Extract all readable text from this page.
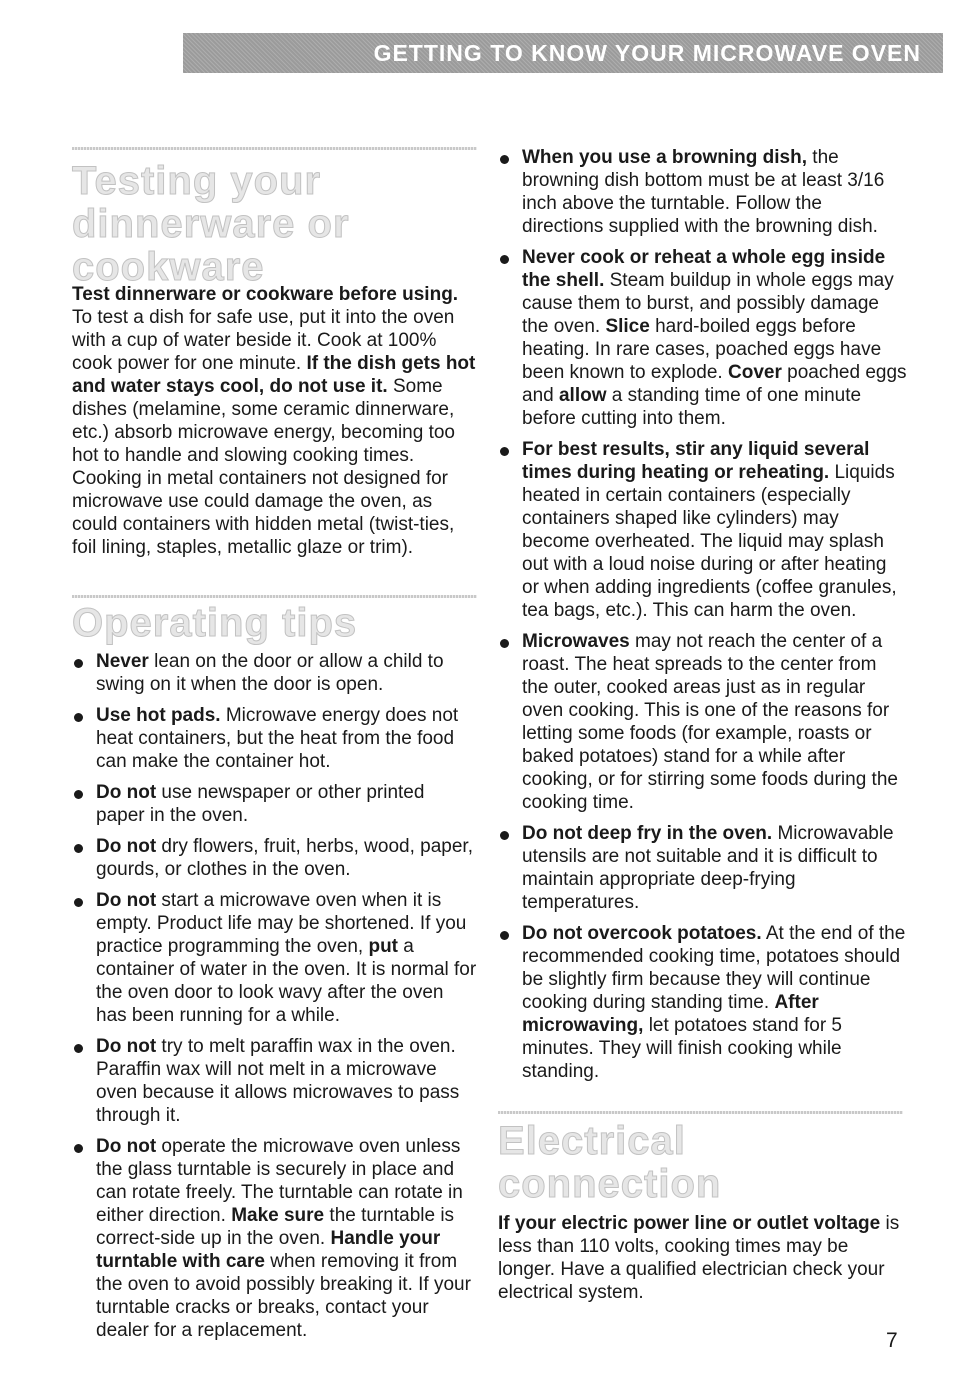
GETTING TO KNOW YOUR MICROWAVE OVEN
Testing your
dinnerware or
cookware

Test dinnerware or cookware before using. To test a dish for safe use, put it into the oven with a cup of water beside it. Cook at 100% cook power for one minute. If the dish gets hot and water stays cool, do not use it. Some dishes (melamine, some ceramic dinnerware, etc.) absorb microwave energy, becoming too hot to handle and slowing cooking times. Cooking in metal containers not designed for microwave use could damage the oven, as could containers with hidden metal (twist-ties, foil lining, staples, metallic glaze or trim).

Operating tips
Never lean on the door or allow a child to swing on it when the door is open.
Use hot pads. Microwave energy does not heat containers, but the heat from the food can make the container hot.
Do not use newspaper or other printed paper in the oven.
Do not dry flowers, fruit, herbs, wood, paper, gourds, or clothes in the oven.
Do not start a microwave oven when it is empty. Product life may be shortened. If you practice programming the oven, put a container of water in the oven. It is normal for the oven door to look wavy after the oven has been running for a while.
Do not try to melt paraffin wax in the oven. Paraffin wax will not melt in a microwave oven because it allows microwaves to pass through it.
Do not operate the microwave oven unless the glass turntable is securely in place and can rotate freely. The turntable can rotate in either direction. Make sure the turntable is correct-side up in the oven. Handle your turntable with care when removing it from the oven to avoid possibly breaking it. If your turntable cracks or breaks, contact your dealer for a replacement.
When you use a browning dish, the browning dish bottom must be at least 3/16 inch above the turntable. Follow the directions supplied with the browning dish.
Never cook or reheat a whole egg inside the shell. Steam buildup in whole eggs may cause them to burst, and possibly damage the oven. Slice hard-boiled eggs before heating. In rare cases, poached eggs have been known to explode. Cover poached eggs and allow a standing time of one minute before cutting into them.
For best results, stir any liquid several times during heating or reheating. Liquids heated in certain containers (especially containers shaped like cylinders) may become overheated. The liquid may splash out with a loud noise during or after heating or when adding ingredients (coffee granules, tea bags, etc.). This can harm the oven.
Microwaves may not reach the center of a roast. The heat spreads to the center from the outer, cooked areas just as in regular oven cooking. This is one of the reasons for letting some foods (for example, roasts or baked potatoes) stand for a while after cooking, or for stirring some foods during the cooking time.
Do not deep fry in the oven. Microwavable utensils are not suitable and it is difficult to maintain appropriate deep-frying temperatures.
Do not overcook potatoes. At the end of the recommended cooking time, potatoes should be slightly firm because they will continue cooking during standing time. After microwaving, let potatoes stand for 5 minutes. They will finish cooking while standing.
Electrical connection

If your electric power line or outlet voltage is less than 110 volts, cooking times may be longer. Have a qualified electrician check your electrical system.

7
